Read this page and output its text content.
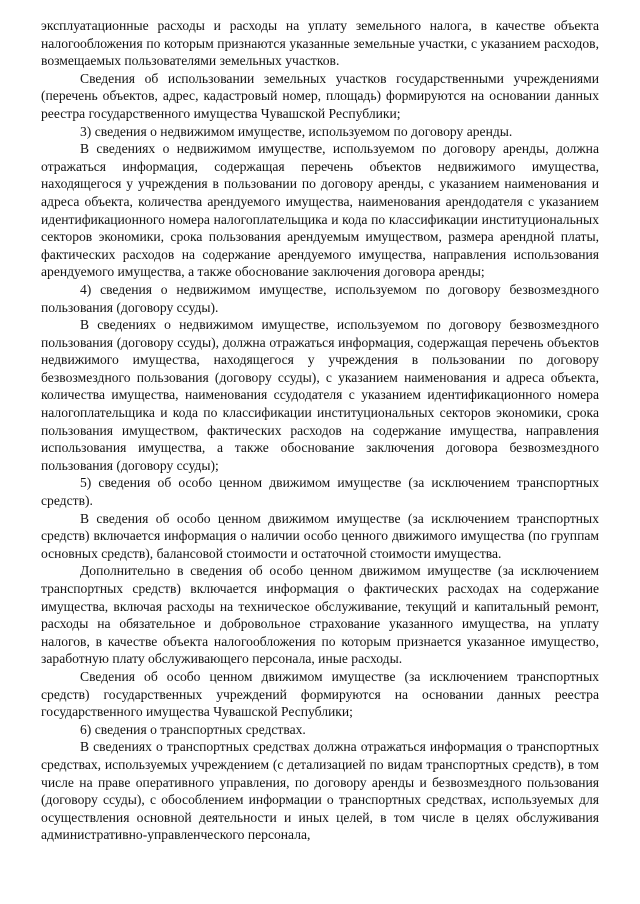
эксплуатационные расходы и расходы на уплату земельного налога, в качестве объекта налогообложения по которым признаются указанные земельные участки, с указанием расходов, возмещаемых пользователями земельных участков.

Сведения об использовании земельных участков государственными учреждениями (перечень объектов, адрес, кадастровый номер, площадь) формируются на основании данных реестра государственного имущества Чувашской Республики;

3) сведения о недвижимом имуществе, используемом по договору аренды.

В сведениях о недвижимом имуществе, используемом по договору аренды, должна отражаться информация, содержащая перечень объектов недвижимого имущества, находящегося у учреждения в пользовании по договору аренды, с указанием наименования и адреса объекта, количества арендуемого имущества, наименования арендодателя с указанием идентификационного номера налогоплательщика и кода по классификации институциональных секторов экономики, срока пользования арендуемым имуществом, размера арендной платы, фактических расходов на содержание арендуемого имущества, направления использования арендуемого имущества, а также обоснование заключения договора аренды;

4) сведения о недвижимом имуществе, используемом по договору безвозмездного пользования (договору ссуды).

В сведениях о недвижимом имуществе, используемом по договору безвозмездного пользования (договору ссуды), должна отражаться информация, содержащая перечень объектов недвижимого имущества, находящегося у учреждения в пользовании по договору безвозмездного пользования (договору ссуды), с указанием наименования и адреса объекта, количества имущества, наименования ссудодателя с указанием идентификационного номера налогоплательщика и кода по классификации институциональных секторов экономики, срока пользования имуществом, фактических расходов на содержание имущества, направления использования имущества, а также обоснование заключения договора безвозмездного пользования (договору ссуды);

5) сведения об особо ценном движимом имуществе (за исключением транспортных средств).

В сведения об особо ценном движимом имуществе (за исключением транспортных средств) включается информация о наличии особо ценного движимого имущества (по группам основных средств), балансовой стоимости и остаточной стоимости имущества.

Дополнительно в сведения об особо ценном движимом имуществе (за исключением транспортных средств) включается информация о фактических расходах на содержание имущества, включая расходы на техническое обслуживание, текущий и капитальный ремонт, расходы на обязательное и добровольное страхование указанного имущества, на уплату налогов, в качестве объекта налогообложения по которым признается указанное имущество, заработную плату обслуживающего персонала, иные расходы.

Сведения об особо ценном движимом имуществе (за исключением транспортных средств) государственных учреждений формируются на основании данных реестра государственного имущества Чувашской Республики;

6) сведения о транспортных средствах.

В сведениях о транспортных средствах должна отражаться информация о транспортных средствах, используемых учреждением (с детализацией по видам транспортных средств), в том числе на праве оперативного управления, по договору аренды и безвозмездного пользования (договору ссуды), с обособлением информации о транспортных средствах, используемых для осуществления основной деятельности и иных целей, в том числе в целях обслуживания административно-управленческого персонала,
